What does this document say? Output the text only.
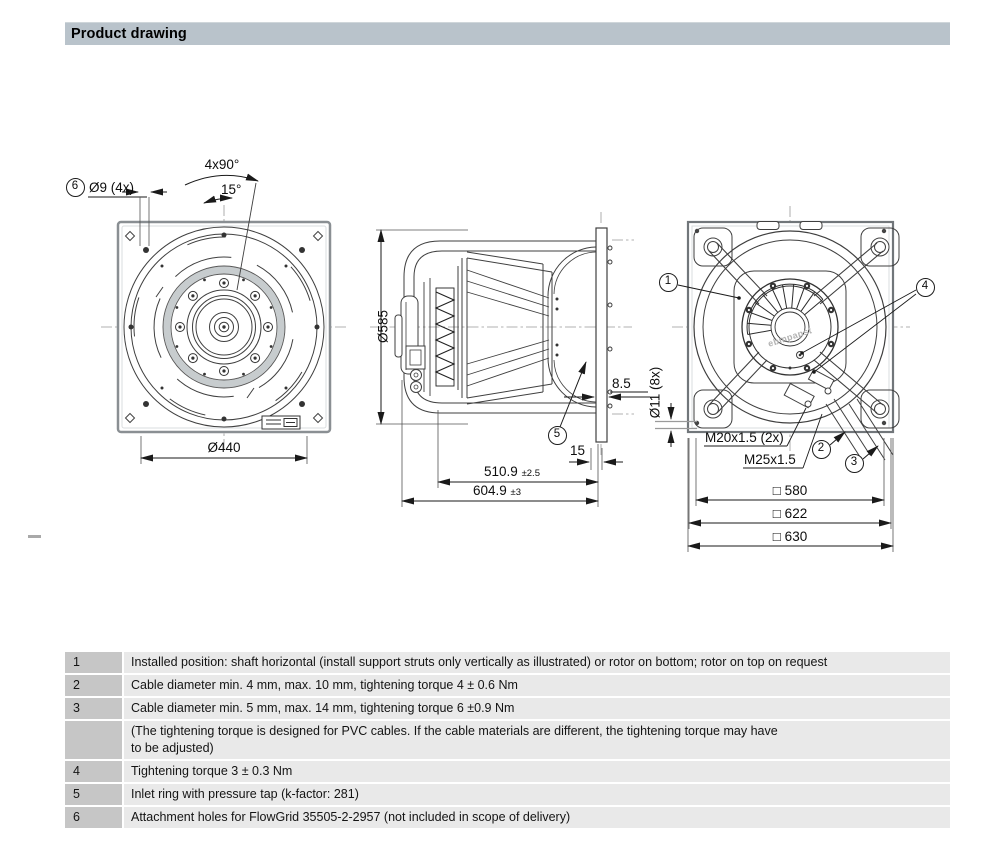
Product drawing
6 Ø9 (4x)
4x90°
15°
Ø440
Ø585
8.5
5
15
510.9 ±2.5
604.9 ±3
1	4
2
3
Ø11 (8x)
M20x1.5 (2x)
M25x1.5
□ 580
□ 622
□ 630
ebmpapst
1	Installed position: shaft horizontal (install support struts only vertically as illustrated) or rotor on bottom; rotor on top on request
2	Cable diameter min. 4 mm, max. 10 mm, tightening torque 4 ± 0.6 Nm
3	Cable diameter min. 5 mm, max. 14 mm, tightening torque 6 ±0.9 Nm
(The tightening torque is designed for PVC cables. If the cable materials are different, the tightening torque may have to be adjusted)
4	Tightening torque 3 ± 0.3 Nm
5	Inlet ring with pressure tap (k-factor: 281)
6	Attachment holes for FlowGrid 35505-2-2957 (not included in scope of delivery)
